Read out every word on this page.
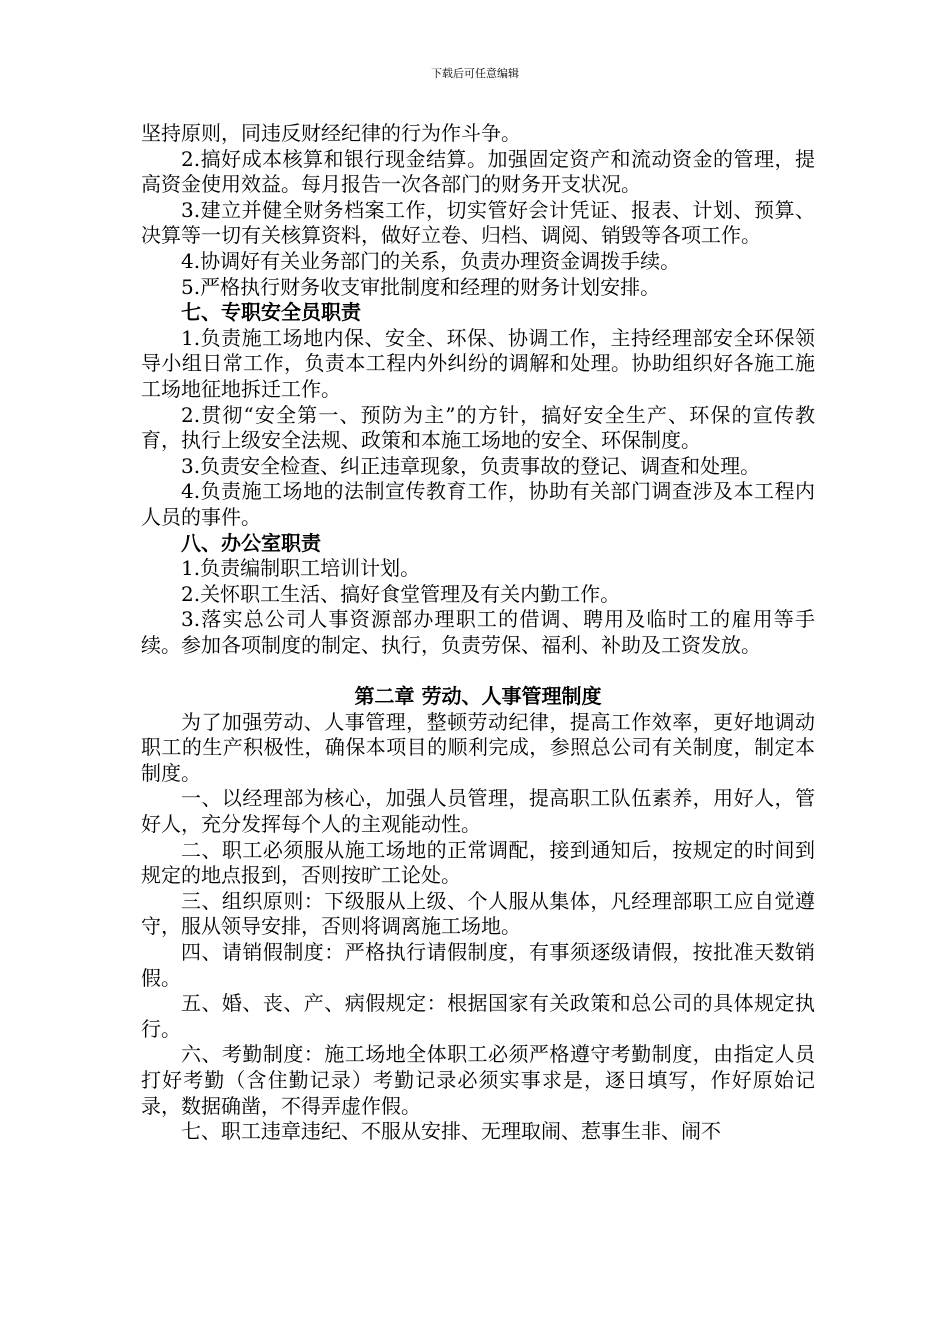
下载后可任意编辑

坚持原则，同违反财经纪律的行为作斗争。

2.搞好成本核算和银行现金结算。加强固定资产和流动资金的管理，提高资金使用效益。每月报告一次各部门的财务开支状况。

3.建立并健全财务档案工作，切实管好会计凭证、报表、计划、预算、决算等一切有关核算资料，做好立卷、归档、调阅、销毁等各项工作。

4.协调好有关业务部门的关系，负责办理资金调拨手续。

5.严格执行财务收支审批制度和经理的财务计划安排。

七、专职安全员职责

1.负责施工场地内保、安全、环保、协调工作，主持经理部安全环保领导小组日常工作，负责本工程内外纠纷的调解和处理。协助组织好各施工施工场地征地拆迁工作。

2.贯彻“安全第一、预防为主”的方针，搞好安全生产、环保的宣传教育，执行上级安全法规、政策和本施工场地的安全、环保制度。

3.负责安全检查、纠正违章现象，负责事故的登记、调查和处理。

4.负责施工场地的法制宣传教育工作，协助有关部门调查涉及本工程内人员的事件。

八、办公室职责

1.负责编制职工培训计划。

2.关怀职工生活、搞好食堂管理及有关内勤工作。

3.落实总公司人事资源部办理职工的借调、聘用及临时工的雇用等手续。参加各项制度的制定、执行，负责劳保、福利、补助及工资发放。

第二章 劳动、人事管理制度

为了加强劳动、人事管理，整顿劳动纪律，提高工作效率，更好地调动职工的生产积极性，确保本项目的顺利完成，参照总公司有关制度，制定本制度。

一、以经理部为核心，加强人员管理，提高职工队伍素养，用好人，管好人，充分发挥每个人的主观能动性。

二、职工必须服从施工场地的正常调配，接到通知后，按规定的时间到规定的地点报到，否则按旷工论处。

三、组织原则：下级服从上级、个人服从集体，凡经理部职工应自觉遵守，服从领导安排，否则将调离施工场地。

四、请销假制度：严格执行请假制度，有事须逐级请假，按批准天数销假。

五、婚、丧、产、病假规定：根据国家有关政策和总公司的具体规定执行。

六、考勤制度：施工场地全体职工必须严格遵守考勤制度，由指定人员打好考勤（含住勤记录）考勤记录必须实事求是，逐日填写，作好原始记录，数据确凿，不得弄虚作假。

七、职工违章违纪、不服从安排、无理取闹、惹事生非、闹不
